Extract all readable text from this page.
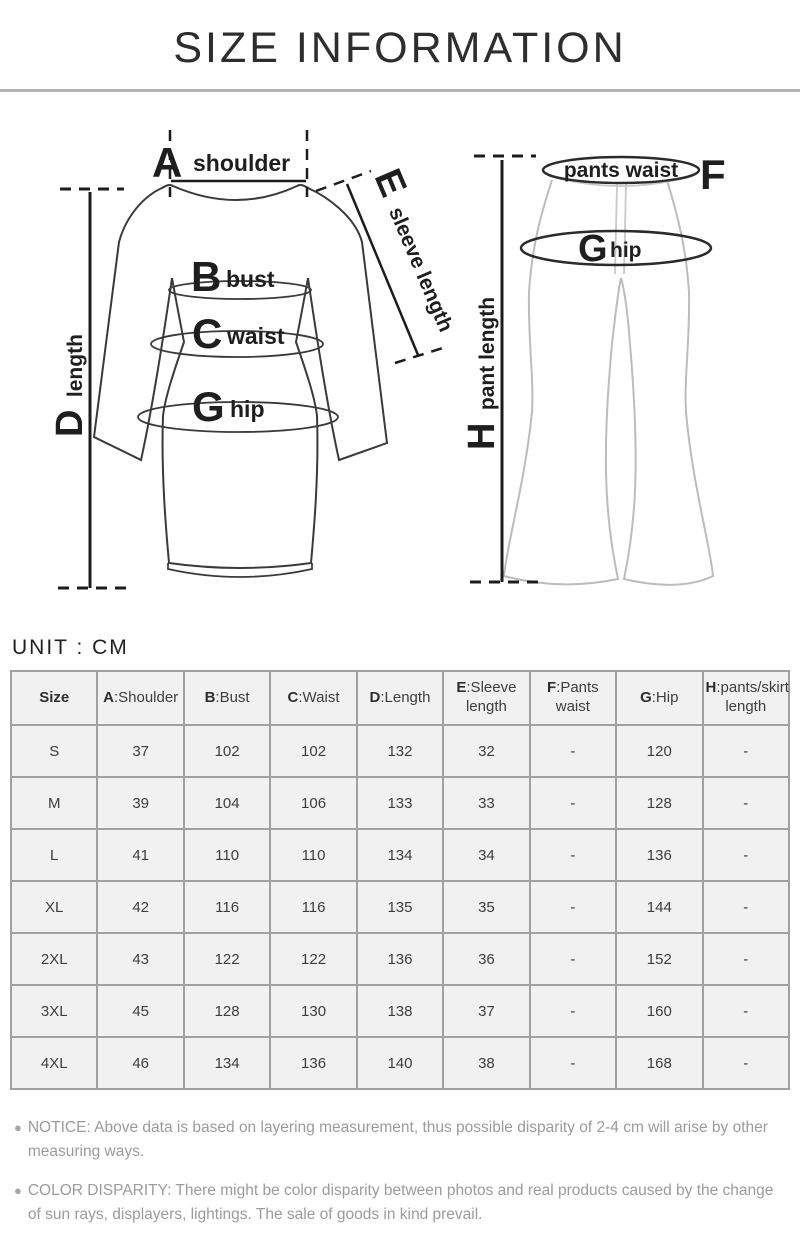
SIZE INFORMATION
A shoulder
D length
E sleeve length
B bust
C waist
G hip
pants waist F
G hip
H pant length
UNIT : CM
Size	A:Shoulder	B:Bust	C:Waist	D:Length	E:Sleeve length	F:Pants waist	G:Hip	H:pants/skirt length
S	37	102	102	132	32	-	120	-
M	39	104	106	133	33	-	128	-
L	41	110	110	134	34	-	136	-
XL	42	116	116	135	35	-	144	-
2XL	43	122	122	136	36	-	152	-
3XL	45	128	130	138	37	-	160	-
4XL	46	134	136	140	38	-	168	-
● NOTICE: Above data is based on layering measurement, thus possible disparity of 2-4 cm will arise by other measuring ways.

● COLOR DISPARITY: There might be color disparity between photos and real products caused by the change of sun rays, displayers, lightings. The sale of goods in kind prevail.
